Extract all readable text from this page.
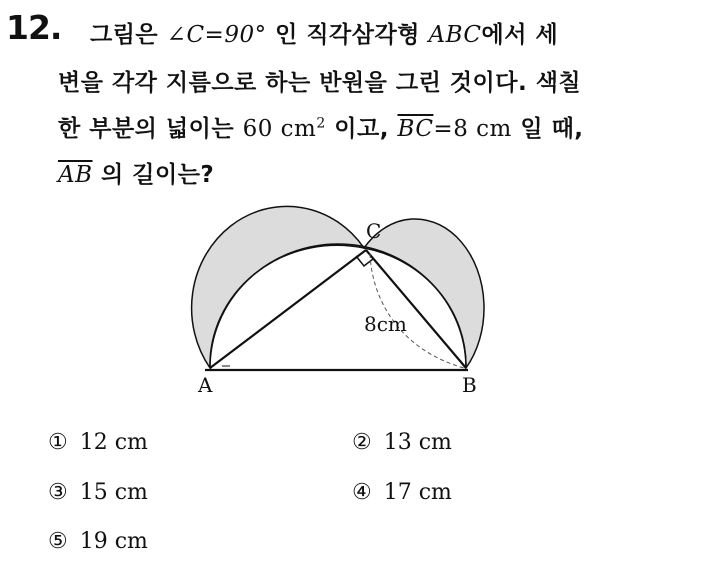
12. 그림은 ∠C=90° 인 직각삼각형 ABC에서 세
변을 각각 지름으로 하는 반원을 그린 것이다. 색칠
한 부분의 넓이는 60 $cm^2$ 이고, $\overline{BC}=8$ cm 일 때,
$\overline{AB}$ 의 길이는?
A	B
C
8cm
① 12 cm	② 13 cm
③ 15 cm	④ 17 cm
⑤ 19 cm
